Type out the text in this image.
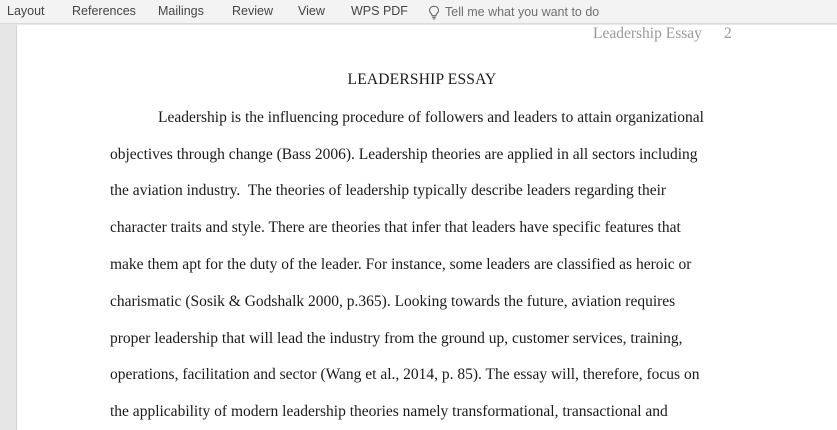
Layout References Mailings Review View WPS PDF	Tell me what you want to do
Leadership Essay 2
LEADERSHIP ESSAY
Leadership is the influencing procedure of followers and leaders to attain organizational
objectives through change (Bass 2006). Leadership theories are applied in all sectors including
the aviation industry.  The theories of leadership typically describe leaders regarding their
character traits and style. There are theories that infer that leaders have specific features that
make them apt for the duty of the leader. For instance, some leaders are classified as heroic or
charismatic (Sosik & Godshalk 2000, p.365). Looking towards the future, aviation requires
proper leadership that will lead the industry from the ground up, customer services, training,
operations, facilitation and sector (Wang et al., 2014, p. 85). The essay will, therefore, focus on
the applicability of modern leadership theories namely transformational, transactional and
